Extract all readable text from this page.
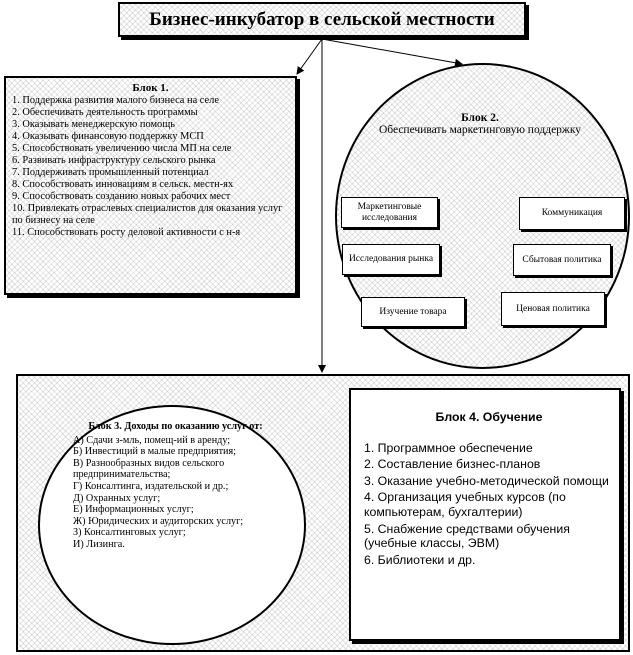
Бизнес-инкубатор в сельской местности
Блок 1.
1. Поддержка развития малого бизнеса на селе
2. Обеспечивать деятельность программы
3. Оказывать менеджерскую помощь
4. Оказывать финансовую поддержку МСП
5. Способствовать увеличению числа МП на селе
6. Развивать инфраструктуру сельского рынка
7. Поддерживать промышленный потенциал
8. Способствовать инновациям в сельск. местн-ях
9. Способствовать созданию новых рабочих мест
10. Привлекать отраслевых специалистов для оказания услуг по бизнесу на селе
11. Способствовать росту деловой активности с н-я
Блок 2.
Обеспечивать маркетинговую поддержку
Маркетинговые исследования	Коммуникация
Исследования рынка	Сбытовая политика
Изучение товара	Ценовая политика
Блок 3. Доходы по оказанию услуг от:
А) Сдачи з-мль, помещ-ий в аренду;
Б) Инвестиций в малые предприятия;
В) Разнообразных видов сельского предпринимательства;
Г) Консалтинга, издательской и др.;
Д) Охранных услуг;
Е) Информационных услуг;
Ж) Юридических и аудиторских услуг;
З) Консалтинговых услуг;
И) Лизинга.
Блок 4. Обучение
1. Программное обеспечение
2. Составление бизнес-планов
3. Оказание учебно-методической помощи
4. Организация учебных курсов (по компьютерам, бухгалтерии)
5. Снабжение средствами обучения (учебные классы, ЭВМ)
6. Библиотеки и др.
